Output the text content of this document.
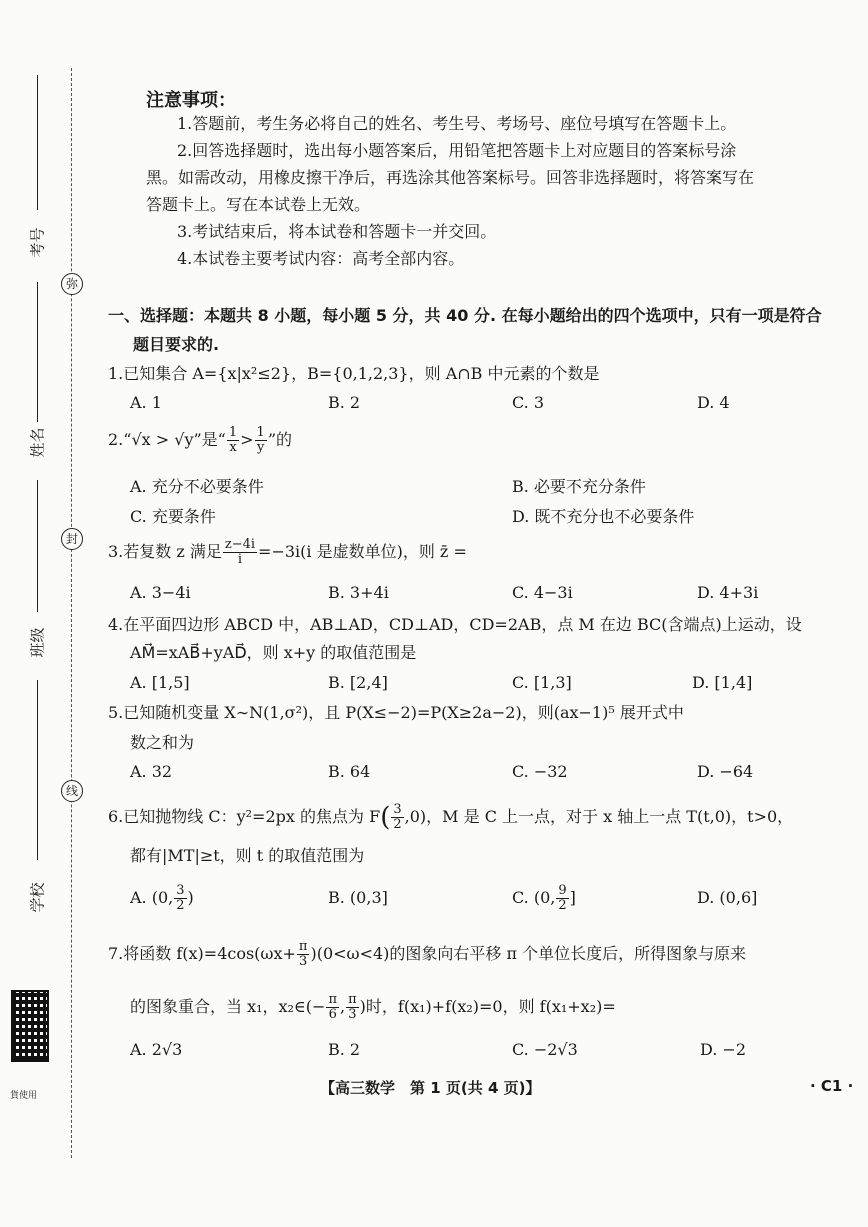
考号
姓名
班级
学校
弥
封
线
貨使用
注意事项：
1.答题前，考生务必将自己的姓名、考生号、考场号、座位号填写在答题卡上。
2.回答选择题时，选出每小题答案后，用铅笔把答题卡上对应题目的答案标号涂
黑。如需改动，用橡皮擦干净后，再选涂其他答案标号。回答非选择题时，将答案写在
答题卡上。写在本试卷上无效。
3.考试结束后，将本试卷和答题卡一并交回。
4.本试卷主要考试内容：高考全部内容。
一、选择题：本题共 8 小题，每小题 5 分，共 40 分. 在每小题给出的四个选项中，只有一项是符合
题目要求的.
1.已知集合 A={x|x²≤2}，B={0,1,2,3}，则 A∩B 中元素的个数是
A. 1	B. 2	C. 3	D. 4
2.“√x > √y”是“ $\frac{1}{x} > \frac{1}{y}$ ”的
A. 充分不必要条件	B. 必要不充分条件
C. 充要条件	D. 既不充分也不必要条件
3.若复数 z 满足 $\frac{z-4i}{i} =-3i(i$ 是虚数单位)，则 z̄ =
A. 3−4i	B. 3+4i	C. 4−3i	D. 4+3i
4.在平面四边形 ABCD 中，AB⊥AD，CD⊥AD，CD=2AB，点 M 在边 BC(含端点)上运动，设
AM⃗=xAB⃗+yAD⃗，则 x+y 的取值范围是
A. [1,5]	B. [2,4]	C. [1,3]	D. [1,4]
5.已知随机变量 X∼N(1,σ²)，且 P(X≤−2)=P(X≥2a−2)，则(ax−1)⁵ 展开式中
数之和为
A. 32	B. 64	C. −32	D. −64
6.已知抛物线 C：y²=2px 的焦点为 $F( \frac{3}{2} ,0)$，M 是 C 上一点，对于 x 轴上一点 T(t,0)，t>0，
都有|MT|≥t，则 t 的取值范围为
A. (0, $\frac{3}{2}$ )	B. (0,3]	C. (0, $\frac{9}{2}$ ]	D. (0,6]
7.将函数 $f(x)=4\cos(\omega x+ \frac{\pi}{3} )(0<\omega<4)$的图象向右平移 π 个单位长度后，所得图象与原来
的图象重合，当 x₁，x₂∈(− $\frac{\pi}{6}$ , $\frac{\pi}{3}$ )时，f(x₁)+f(x₂)=0，则 f(x₁+x₂)=
A. 2√3	B. 2	C. −2√3	D. −2
【高三数学　第 1 页(共 4 页)】	· C1 ·
